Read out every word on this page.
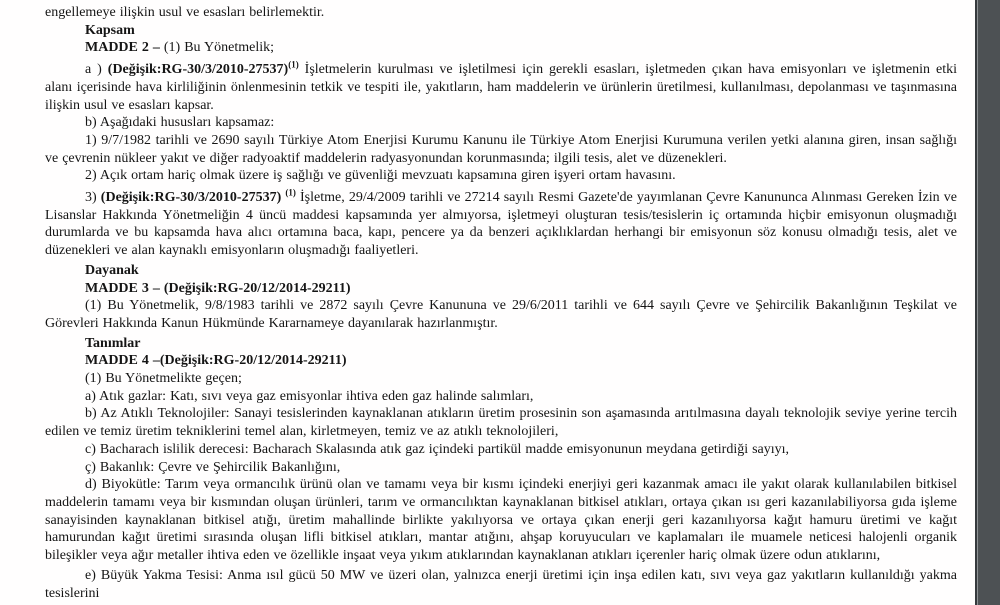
engellemeye ilişkin usul ve esasları belirlemektir.

Kapsam

MADDE 2 – (1) Bu Yönetmelik;

a ) (Değişik:RG-30/3/2010-27537)$^{(1)}$ İşletmelerin kurulması ve işletilmesi için gerekli esasları, işletmeden çıkan hava emisyonları ve işletmenin etki alanı içerisinde hava kirliliğinin önlenmesinin tetkik ve tespiti ile, yakıtların, ham maddelerin ve ürünlerin üretilmesi, kullanılması, depolanması ve taşınmasına ilişkin usul ve esasları kapsar.

b) Aşağıdaki hususları kapsamaz:

1) 9/7/1982 tarihli ve 2690 sayılı Türkiye Atom Enerjisi Kurumu Kanunu ile Türkiye Atom Enerjisi Kurumuna verilen yetki alanına giren, insan sağlığı ve çevrenin nükleer yakıt ve diğer radyoaktif maddelerin radyasyonundan korunmasında; ilgili tesis, alet ve düzenekleri.

2) Açık ortam hariç olmak üzere iş sağlığı ve güvenliği mevzuatı kapsamına giren işyeri ortam havasını.

3) (Değişik:RG-30/3/2010-27537) $^{(1)}$ İşletme, 29/4/2009 tarihli ve 27214 sayılı Resmi Gazete'de yayımlanan Çevre Kanununca Alınması Gereken İzin ve Lisanslar Hakkında Yönetmeliğin 4 üncü maddesi kapsamında yer almıyorsa, işletmeyi oluşturan tesis/tesislerin iç ortamında hiçbir emisyonun oluşmadığı durumlarda ve bu kapsamda hava alıcı ortamına baca, kapı, pencere ya da benzeri açıklıklardan herhangi bir emisyonun söz konusu olmadığı tesis, alet ve düzenekleri ve alan kaynaklı emisyonların oluşmadığı faaliyetleri.

Dayanak

MADDE 3 – (Değişik:RG-20/12/2014-29211)

(1) Bu Yönetmelik, 9/8/1983 tarihli ve 2872 sayılı Çevre Kanununa ve 29/6/2011 tarihli ve 644 sayılı Çevre ve Şehircilik Bakanlığının Teşkilat ve Görevleri Hakkında Kanun Hükmünde Kararnameye dayanılarak hazırlanmıştır.

Tanımlar

MADDE 4 –(Değişik:RG-20/12/2014-29211)

(1) Bu Yönetmelikte geçen;

a) Atık gazlar: Katı, sıvı veya gaz emisyonlar ihtiva eden gaz halinde salımları,

b) Az Atıklı Teknolojiler: Sanayi tesislerinden kaynaklanan atıkların üretim prosesinin son aşamasında arıtılmasına dayalı teknolojik seviye yerine tercih edilen ve temiz üretim tekniklerini temel alan, kirletmeyen, temiz ve az atıklı teknolojileri,

c) Bacharach islilik derecesi: Bacharach Skalasında atık gaz içindeki partikül madde emisyonunun meydana getirdiği sayıyı,

ç) Bakanlık: Çevre ve Şehircilik Bakanlığını,

d) Biyokütle: Tarım veya ormancılık ürünü olan ve tamamı veya bir kısmı içindeki enerjiyi geri kazanmak amacı ile yakıt olarak kullanılabilen bitkisel maddelerin tamamı veya bir kısmından oluşan ürünleri, tarım ve ormancılıktan kaynaklanan bitkisel atıkları, ortaya çıkan ısı geri kazanılabiliyorsa gıda işleme sanayisinden kaynaklanan bitkisel atığı, üretim mahallinde birlikte yakılıyorsa ve ortaya çıkan enerji geri kazanılıyorsa kağıt hamuru üretimi ve kağıt hamurundan kağıt üretimi sırasında oluşan lifli bitkisel atıkları, mantar atığını, ahşap koruyucuları ve kaplamaları ile muamele neticesi halojenli organik bileşikler veya ağır metaller ihtiva eden ve özellikle inşaat veya yıkım atıklarından kaynaklanan atıkları içerenler hariç olmak üzere odun atıklarını,

e) Büyük Yakma Tesisi: Anma ısıl gücü 50 MW ve üzeri olan, yalnızca enerji üretimi için inşa edilen katı, sıvı veya gaz yakıtların kullanıldığı yakma tesislerini
